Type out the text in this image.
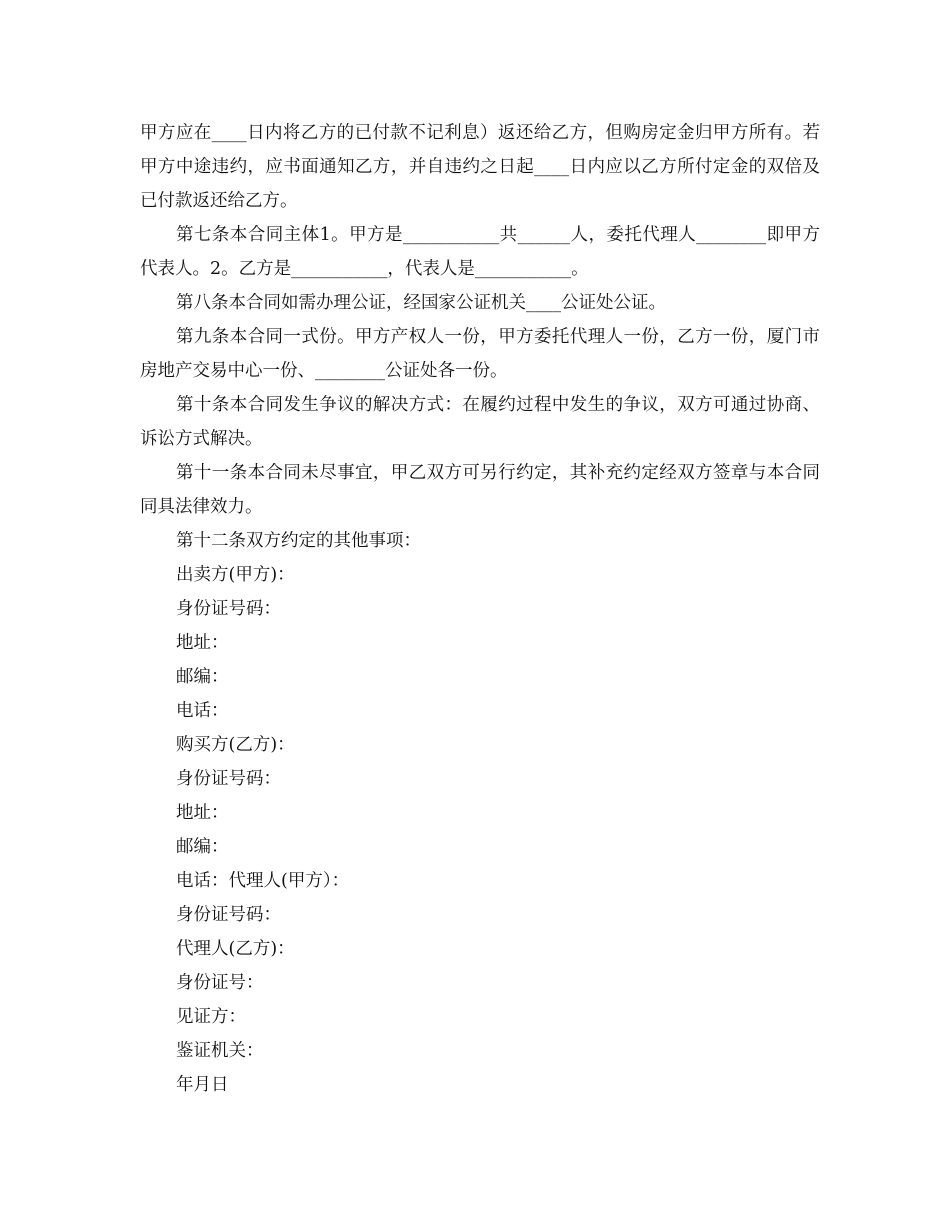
甲方应在____日内将乙方的已付款不记利息）返还给乙方，但购房定金归甲方所有。若甲方中途违约，应书面通知乙方，并自违约之日起____日内应以乙方所付定金的双倍及已付款返还给乙方。

第七条本合同主体1。甲方是___________共______人，委托代理人________即甲方代表人。2。乙方是___________，代表人是___________。

第八条本合同如需办理公证，经国家公证机关____公证处公证。

第九条本合同一式份。甲方产权人一份，甲方委托代理人一份，乙方一份，厦门市房地产交易中心一份、________公证处各一份。

第十条本合同发生争议的解决方式：在履约过程中发生的争议，双方可通过协商、诉讼方式解决。

第十一条本合同未尽事宜，甲乙双方可另行约定，其补充约定经双方签章与本合同同具法律效力。

第十二条双方约定的其他事项：

出卖方(甲方)：

身份证号码：

地址：

邮编：

电话：

购买方(乙方)：

身份证号码：

地址：

邮编：

电话：代理人(甲方）：

身份证号码：

代理人(乙方)：

身份证号：

见证方：

鉴证机关：

年月日
